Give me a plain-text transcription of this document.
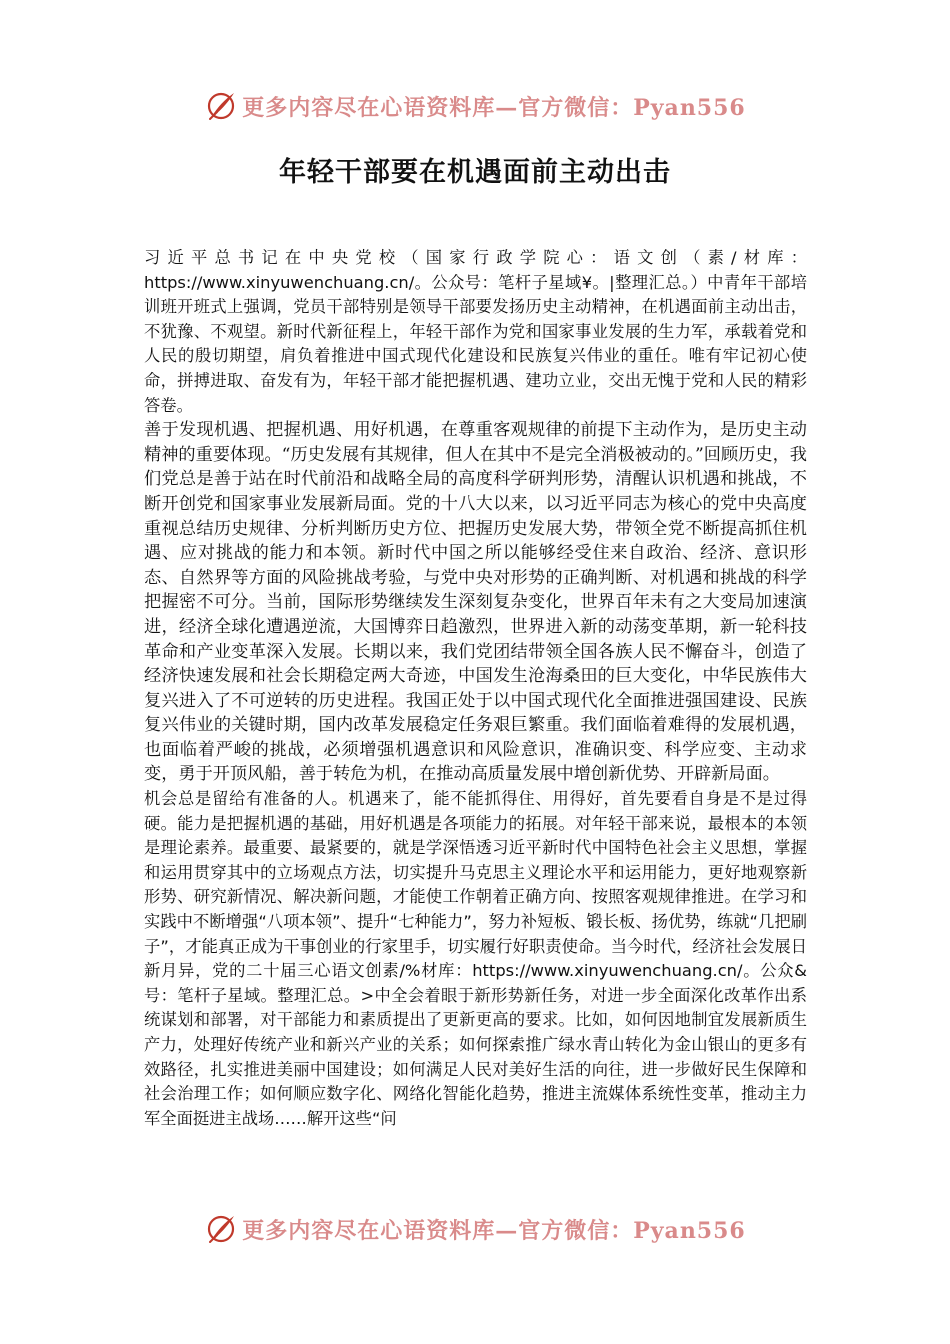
更多内容尽在心语资料库—官方微信：Pyan556
年轻干部要在机遇面前主动出击

习近平总书记在中央党校（国家行政学院心：语文创（素/材库：https://www.xinyuwenchuang.cn/。公众号：笔杆子星域¥。|整理汇总。）中青年干部培训班开班式上强调，党员干部特别是领导干部要发扬历史主动精神，在机遇面前主动出击，不犹豫、不观望。新时代新征程上，年轻干部作为党和国家事业发展的生力军，承载着党和人民的殷切期望，肩负着推进中国式现代化建设和民族复兴伟业的重任。唯有牢记初心使命，拼搏进取、奋发有为，年轻干部才能把握机遇、建功立业，交出无愧于党和人民的精彩答卷。

善于发现机遇、把握机遇、用好机遇，在尊重客观规律的前提下主动作为，是历史主动精神的重要体现。“历史发展有其规律，但人在其中不是完全消极被动的。”回顾历史，我们党总是善于站在时代前沿和战略全局的高度科学研判形势，清醒认识机遇和挑战，不断开创党和国家事业发展新局面。党的十八大以来，以习近平同志为核心的党中央高度重视总结历史规律、分析判断历史方位、把握历史发展大势，带领全党不断提高抓住机遇、应对挑战的能力和本领。新时代中国之所以能够经受住来自政治、经济、意识形态、自然界等方面的风险挑战考验，与党中央对形势的正确判断、对机遇和挑战的科学把握密不可分。当前，国际形势继续发生深刻复杂变化，世界百年未有之大变局加速演进，经济全球化遭遇逆流，大国博弈日趋激烈，世界进入新的动荡变革期，新一轮科技革命和产业变革深入发展。长期以来，我们党团结带领全国各族人民不懈奋斗，创造了经济快速发展和社会长期稳定两大奇迹，中国发生沧海桑田的巨大变化，中华民族伟大复兴进入了不可逆转的历史进程。我国正处于以中国式现代化全面推进强国建设、民族复兴伟业的关键时期，国内改革发展稳定任务艰巨繁重。我们面临着难得的发展机遇，也面临着严峻的挑战，必须增强机遇意识和风险意识，准确识变、科学应变、主动求变，勇于开顶风船，善于转危为机，在推动高质量发展中增创新优势、开辟新局面。

机会总是留给有准备的人。机遇来了，能不能抓得住、用得好，首先要看自身是不是过得硬。能力是把握机遇的基础，用好机遇是各项能力的拓展。对年轻干部来说，最根本的本领是理论素养。最重要、最紧要的，就是学深悟透习近平新时代中国特色社会主义思想，掌握和运用贯穿其中的立场观点方法，切实提升马克思主义理论水平和运用能力，更好地观察新形势、研究新情况、解决新问题，才能使工作朝着正确方向、按照客观规律推进。在学习和实践中不断增强“八项本领”、提升“七种能力”，努力补短板、锻长板、扬优势，练就“几把刷子”，才能真正成为干事创业的行家里手，切实履行好职责使命。当今时代，经济社会发展日新月异，党的二十届三心语文创素/%材库：https://www.xinyuwenchuang.cn/。公众&号：笔杆子星域。整理汇总。>中全会着眼于新形势新任务，对进一步全面深化改革作出系统谋划和部署，对干部能力和素质提出了更新更高的要求。比如，如何因地制宜发展新质生产力，处理好传统产业和新兴产业的关系；如何探索推广绿水青山转化为金山银山的更多有效路径，扎实推进美丽中国建设；如何满足人民对美好生活的向往，进一步做好民生保障和社会治理工作；如何顺应数字化、网络化智能化趋势，推进主流媒体系统性变革，推动主力军全面挺进主战场……解开这些“问

更多内容尽在心语资料库—官方微信：Pyan556
